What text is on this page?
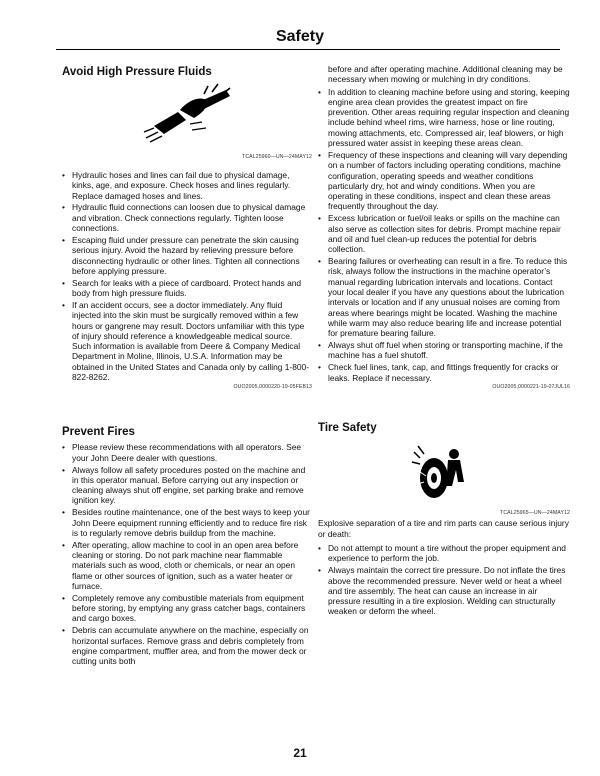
Safety
Avoid High Pressure Fluids
TCAL25960—UN—24MAY12
• Hydraulic hoses and lines can fail due to physical damage, kinks, age, and exposure. Check hoses and lines regularly. Replace damaged hoses and lines.
• Hydraulic fluid connections can loosen due to physical damage and vibration. Check connections regularly. Tighten loose connections.
• Escaping fluid under pressure can penetrate the skin causing serious injury. Avoid the hazard by relieving pressure before disconnecting hydraulic or other lines. Tighten all connections before applying pressure.
• Search for leaks with a piece of cardboard. Protect hands and body from high pressure fluids.
• If an accident occurs, see a doctor immediately. Any fluid injected into the skin must be surgically removed within a few hours or gangrene may result. Doctors unfamiliar with this type of injury should reference a knowledgeable medical source. Such information is available from Deere & Company Medical Department in Moline, Illinois, U.S.A. Information may be obtained in the United States and Canada only by calling 1-800-822-8262.
OUO2005,0000220-19-05FEB13
Prevent Fires
• Please review these recommendations with all operators. See your John Deere dealer with questions.
• Always follow all safety procedures posted on the machine and in this operator manual. Before carrying out any inspection or cleaning always shut off engine, set parking brake and remove ignition key.
• Besides routine maintenance, one of the best ways to keep your John Deere equipment running efficiently and to reduce fire risk is to regularly remove debris buildup from the machine.
• After operating, allow machine to cool in an open area before cleaning or storing. Do not park machine near flammable materials such as wood, cloth or chemicals, or near an open flame or other sources of ignition, such as a water heater or furnace.
• Completely remove any combustible materials from equipment before storing, by emptying any grass catcher bags, containers and cargo boxes.
• Debris can accumulate anywhere on the machine, especially on horizontal surfaces. Remove grass and debris completely from engine compartment, muffler area, and from the mower deck or cutting units both

before and after operating machine. Additional cleaning may be necessary when mowing or mulching in dry conditions.

• In addition to cleaning machine before using and storing, keeping engine area clean provides the greatest impact on fire prevention. Other areas requiring regular inspection and cleaning include behind wheel rims, wire harness, hose or line routing, mowing attachments, etc. Compressed air, leaf blowers, or high pressured water assist in keeping these areas clean.
• Frequency of these inspections and cleaning will vary depending on a number of factors including operating conditions, machine configuration, operating speeds and weather conditions particularly dry, hot and windy conditions. When you are operating in these conditions, inspect and clean these areas frequently throughout the day.
• Excess lubrication or fuel/oil leaks or spills on the machine can also serve as collection sites for debris. Prompt machine repair and oil and fuel clean-up reduces the potential for debris collection.
• Bearing failures or overheating can result in a fire. To reduce this risk, always follow the instructions in the machine operator’s manual regarding lubrication intervals and locations. Contact your local dealer if you have any questions about the lubrication intervals or location and if any unusual noises are coming from areas where bearings might be located. Washing the machine while warm may also reduce bearing life and increase potential for premature bearing failure.
• Always shut off fuel when storing or transporting machine, if the machine has a fuel shutoff.
• Check fuel lines, tank, cap, and fittings frequently for cracks or leaks. Replace if necessary.
OUO2005,0000221-19-07JUL16
Tire Safety
TCAL25965—UN—24MAY12

Explosive separation of a tire and rim parts can cause serious injury or death:

• Do not attempt to mount a tire without the proper equipment and experience to perform the job.
• Always maintain the correct tire pressure. Do not inflate the tires above the recommended pressure. Never weld or heat a wheel and tire assembly. The heat can cause an increase in air pressure resulting in a tire explosion. Welding can structurally weaken or deform the wheel.
21
